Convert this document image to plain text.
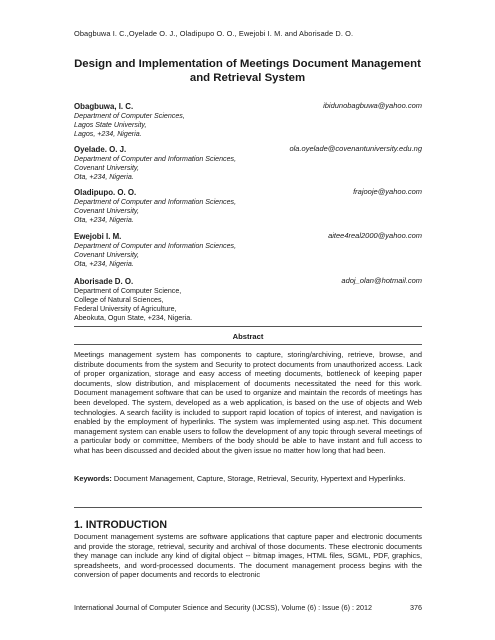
Obagbuwa I. C.,Oyelade O. J., Oladipupo O. O., Ewejobi I. M. and Aborisade D. O.
Design and Implementation of Meetings Document Management
and Retrieval System
Obagbuwa, I. C.	ibidunobagbuwa@yahoo.com
Department of Computer Sciences,
Lagos State University,
Lagos, +234, Nigeria.
Oyelade. O. J.	ola.oyelade@covenantuniversity.edu.ng
Department of Computer and Information Sciences,
Covenant University,
Ota, +234, Nigeria.
Oladipupo. O. O.	frajooje@yahoo.com
Department of Computer and Information Sciences,
Covenant University,
Ota, +234, Nigeria.
Ewejobi I. M.	aitee4real2000@yahoo.com
Department of Computer and Information Sciences,
Covenant University,
Ota, +234, Nigeria.
Aborisade D. O.	adoj_olan@hotmail.com
Department of Computer Science,
College of Natural Sciences,
Federal University of Agriculture,
Abeokuta, Ogun State, +234, Nigeria.
Abstract

Meetings management system has components to capture, storing/archiving, retrieve, browse, and distribute documents from the system and Security to protect documents from unauthorized access. Lack of proper organization, storage and easy access of meeting documents, bottleneck of keeping paper documents, slow distribution, and misplacement of documents necessitated the need for this work. Document management software that can be used to organize and maintain the records of meetings has been developed. The system, developed as a web application, is based on the use of objects and Web technologies. A search facility is included to support rapid location of topics of interest, and navigation is enabled by the employment of hyperlinks. The system was implemented using asp.net. This document management system can enable users to follow the development of any topic through several meetings of a particular body or committee, Members of the body should be able to have instant and full access to what has been discussed and decided about the given issue no matter how long that had been.

Keywords: Document Management, Capture, Storage, Retrieval, Security, Hypertext and Hyperlinks.

1. INTRODUCTION

Document management systems are software applications that capture paper and electronic documents and provide the storage, retrieval, security and archival of those documents. These electronic documents they manage can include any kind of digital object -- bitmap images, HTML files, SGML, PDF, graphics, spreadsheets, and word-processed documents. The document management process begins with the conversion of paper documents and records to electronic

International Journal of Computer Science and Security (IJCSS), Volume (6) : Issue (6) : 2012	376
